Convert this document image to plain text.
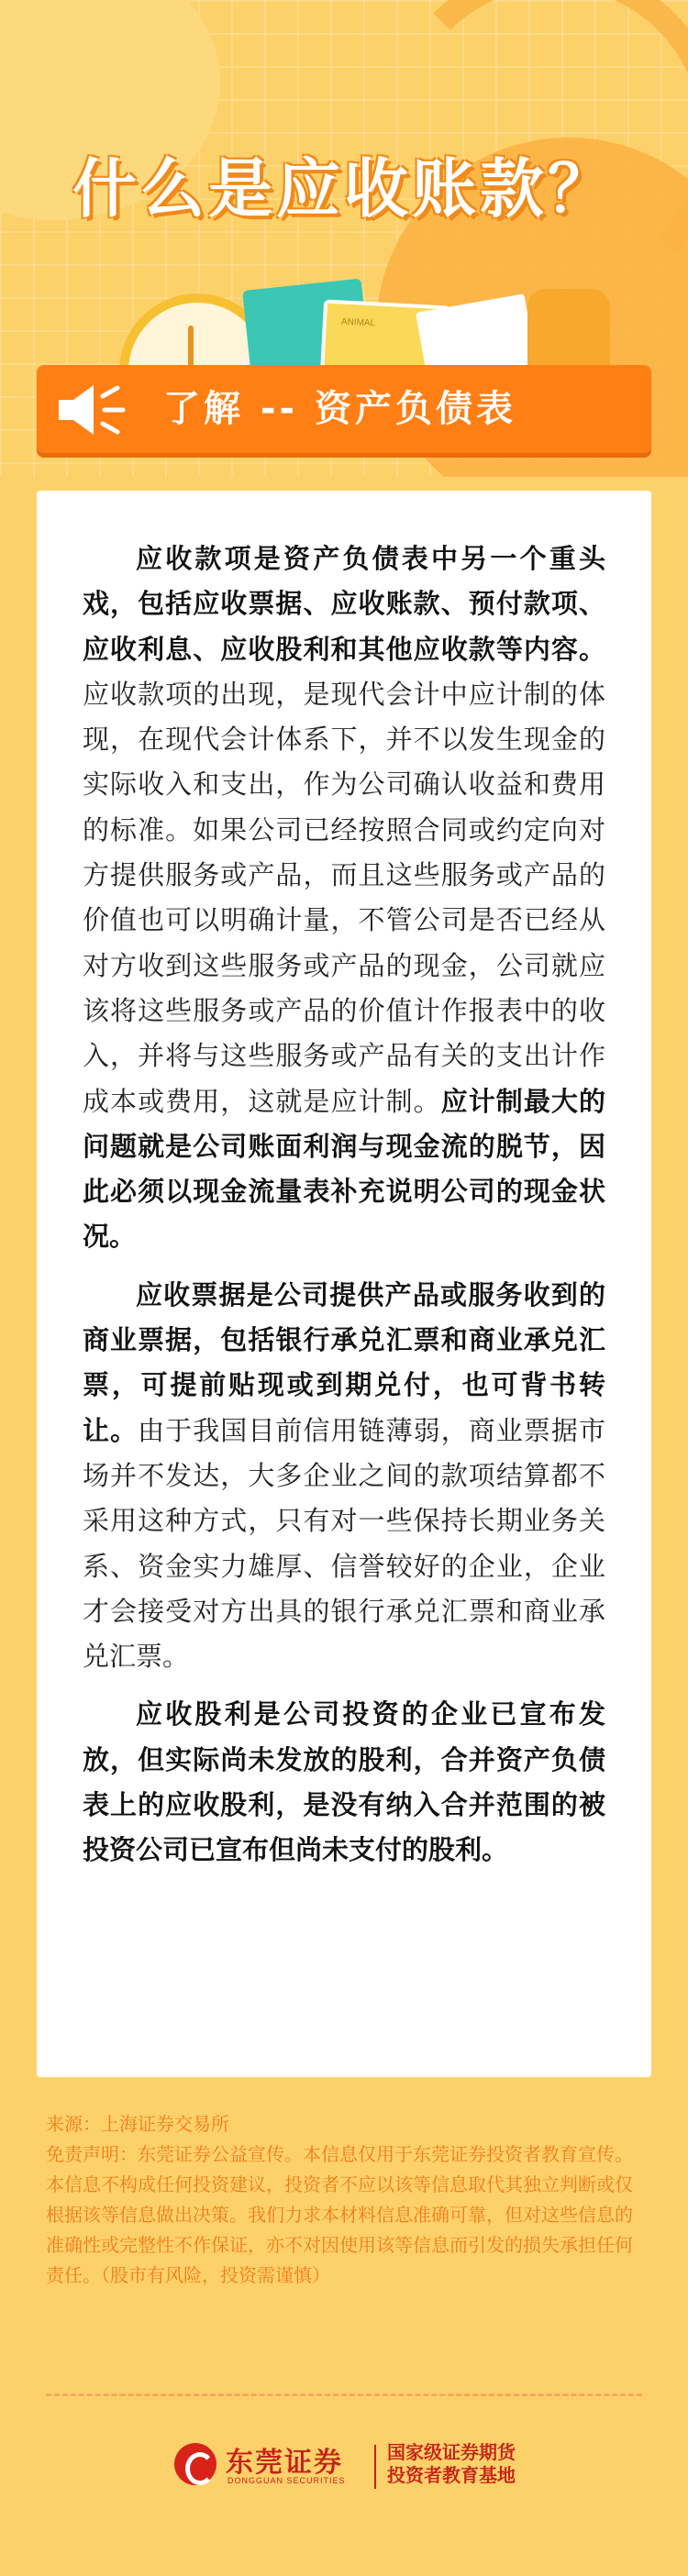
什么是应收账款？
ANIMAL
了解 -- 资产负债表

应收款项是资产负债表中另一个重头戏，包括应收票据、应收账款、预付款项、应收利息、应收股利和其他应收款等内容。应收款项的出现，是现代会计中应计制的体现，在现代会计体系下，并不以发生现金的实际收入和支出，作为公司确认收益和费用的标准。如果公司已经按照合同或约定向对方提供服务或产品，而且这些服务或产品的价值也可以明确计量，不管公司是否已经从对方收到这些服务或产品的现金，公司就应该将这些服务或产品的价值计作报表中的收入，并将与这些服务或产品有关的支出计作成本或费用，这就是应计制。应计制最大的问题就是公司账面利润与现金流的脱节，因此必须以现金流量表补充说明公司的现金状况。

应收票据是公司提供产品或服务收到的商业票据，包括银行承兑汇票和商业承兑汇票，可提前贴现或到期兑付，也可背书转让。由于我国目前信用链薄弱，商业票据市场并不发达，大多企业之间的款项结算都不采用这种方式，只有对一些保持长期业务关系、资金实力雄厚、信誉较好的企业，企业才会接受对方出具的银行承兑汇票和商业承兑汇票。

应收股利是公司投资的企业已宣布发放，但实际尚未发放的股利，合并资产负债表上的应收股利，是没有纳入合并范围的被投资公司已宣布但尚未支付的股利。

来源：上海证券交易所

免责声明：东莞证券公益宣传。本信息仅用于东莞证券投资者教育宣传。本信息不构成任何投资建议，投资者不应以该等信息取代其独立判断或仅根据该等信息做出决策。我们力求本材料信息准确可靠，但对这些信息的准确性或完整性不作保证，亦不对因使用该等信息而引发的损失承担任何责任。（股市有风险，投资需谨慎）

东莞证券
DONGGUAN SECURITIES
国家级证券期货
投资者教育基地
